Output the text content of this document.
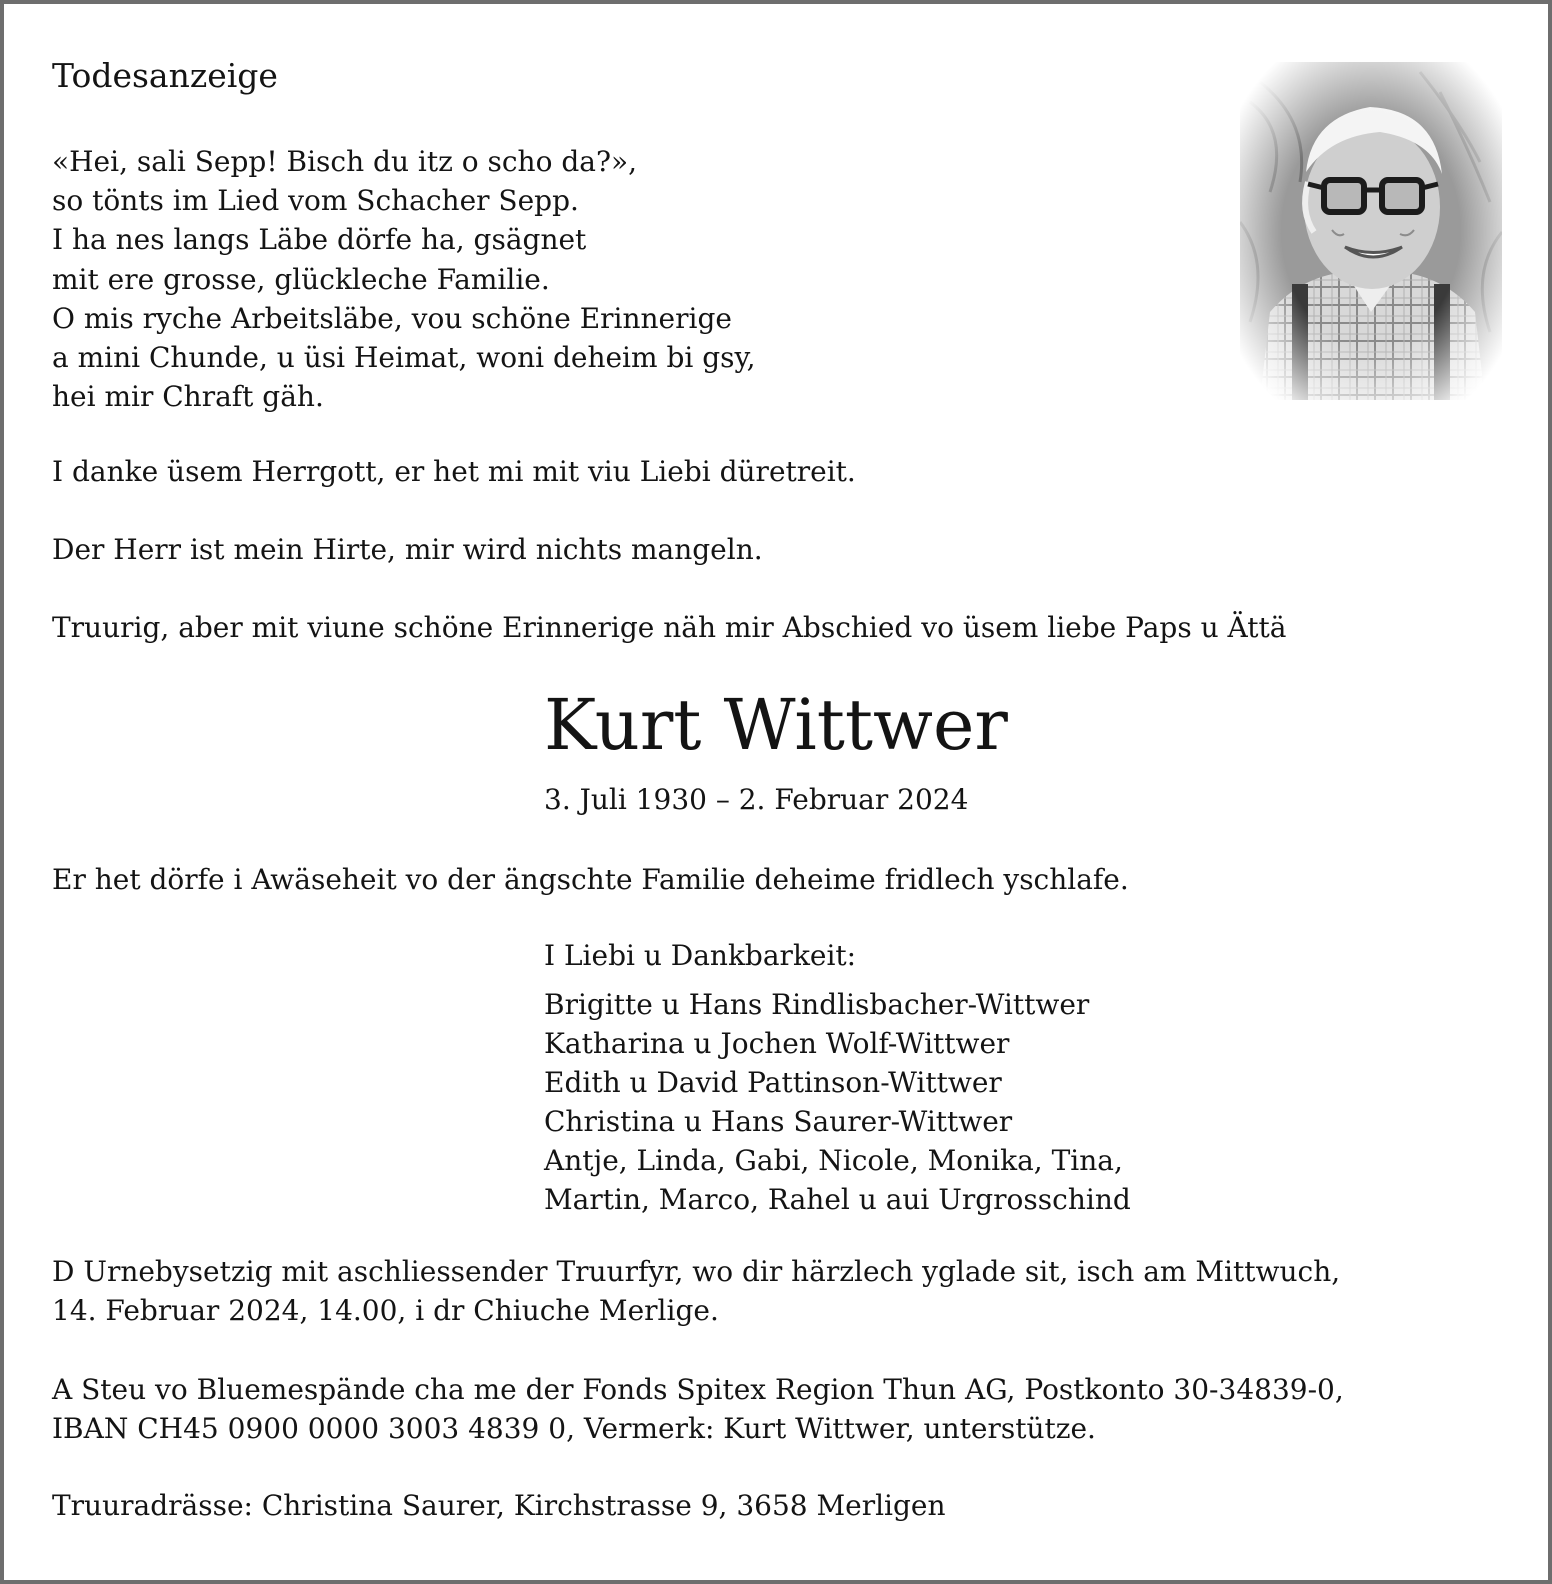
Todesanzeige

«Hei, sali Sepp! Bisch du itz o scho da?»,
so tönts im Lied vom Schacher Sepp.
I ha nes langs Läbe dörfe ha, gsägnet
mit ere grosse, glückleche Familie.
O mis ryche Arbeitsläbe, vou schöne Erinnerige
a mini Chunde, u üsi Heimat, woni deheim bi gsy,
hei mir Chraft gäh.

I danke üsem Herrgott, er het mi mit viu Liebi düretreit.

Der Herr ist mein Hirte, mir wird nichts mangeln.

Truurig, aber mit viune schöne Erinnerige näh mir Abschied vo üsem liebe Paps u Ättä

Kurt Wittwer

3. Juli 1930 – 2. Februar 2024

Er het dörfe i Awäseheit vo der ängschte Familie deheime fridlech yschlafe.

I Liebi u Dankbarkeit:
Brigitte u Hans Rindlisbacher-Wittwer
Katharina u Jochen Wolf-Wittwer
Edith u David Pattinson-Wittwer
Christina u Hans Saurer-Wittwer
Antje, Linda, Gabi, Nicole, Monika, Tina,
Martin, Marco, Rahel u aui Urgrosschind
D Urnebysetzig mit aschliessender Truurfyr, wo dir härzlech yglade sit, isch am Mittwuch,
14. Februar 2024, 14.00, i dr Chiuche Merlige.
A Steu vo Bluemespände cha me der Fonds Spitex Region Thun AG, Postkonto 30-34839-0,
IBAN CH45 0900 0000 3003 4839 0, Vermerk: Kurt Wittwer, unterstütze.

Truuradrässe: Christina Saurer, Kirchstrasse 9, 3658 Merligen
